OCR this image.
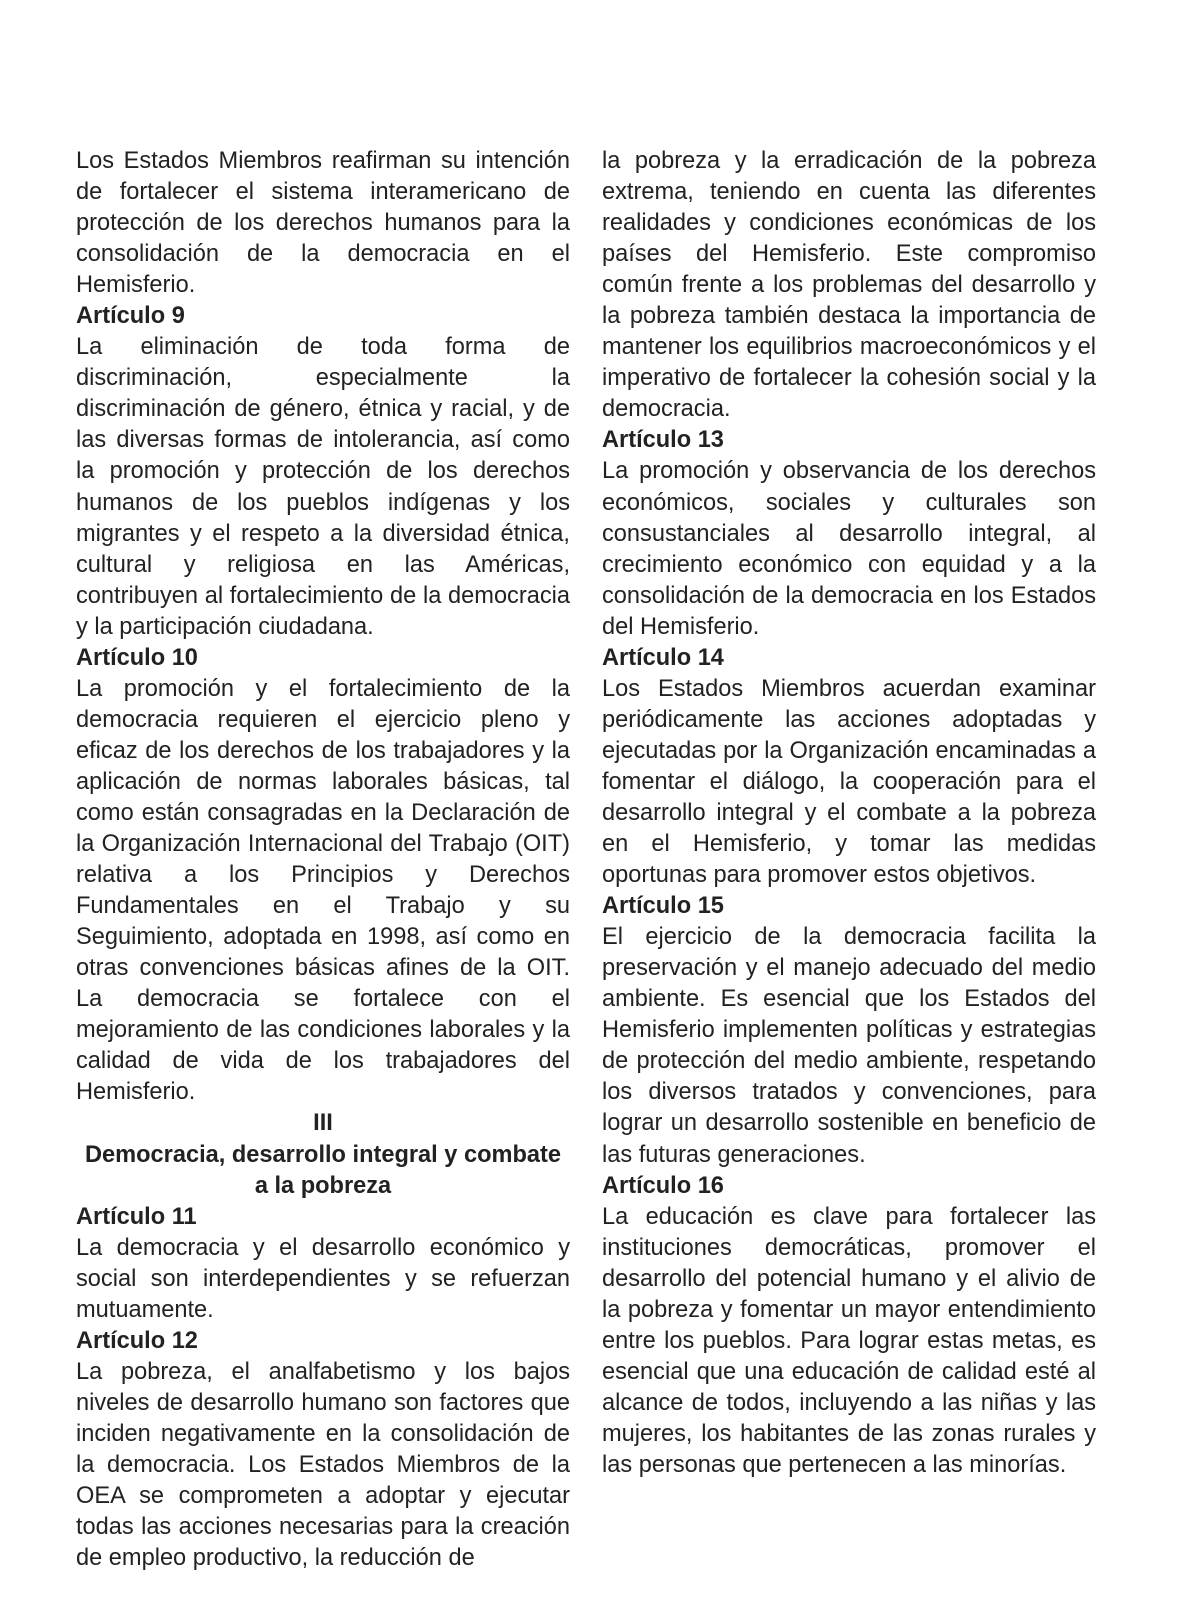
Los Estados Miembros reafirman su intención de fortalecer el sistema interamericano de protección de los derechos humanos para la consolidación de la democracia en el Hemisferio.

Artículo 9

La eliminación de toda forma de discriminación, especialmente la discriminación de género, étnica y racial, y de las diversas formas de intolerancia, así como la promoción y protección de los derechos humanos de los pueblos indígenas y los migrantes y el respeto a la diversidad étnica, cultural y religiosa en las Américas, contribuyen al fortalecimiento de la democracia y la participación ciudadana.

Artículo 10

La promoción y el fortalecimiento de la democracia requieren el ejercicio pleno y eficaz de los derechos de los trabajadores y la aplicación de normas laborales básicas, tal como están consagradas en la Declaración de la Organización Internacional del Trabajo (OIT) relativa a los Principios y Derechos Fundamentales en el Trabajo y su Seguimiento, adoptada en 1998, así como en otras convenciones básicas afines de la OIT. La democracia se fortalece con el mejoramiento de las condiciones laborales y la calidad de vida de los trabajadores del Hemisferio.

III
Democracia, desarrollo integral y combate a la pobreza
Artículo 11

La democracia y el desarrollo económico y social son interdependientes y se refuerzan mutuamente.

Artículo 12

La pobreza, el analfabetismo y los bajos niveles de desarrollo humano son factores que inciden negativamente en la consolidación de la democracia. Los Estados Miembros de la OEA se comprometen a adoptar y ejecutar todas las acciones necesarias para la creación de empleo productivo, la reducción de

la pobreza y la erradicación de la pobreza extrema, teniendo en cuenta las diferentes realidades y condiciones económicas de los países del Hemisferio. Este compromiso común frente a los problemas del desarrollo y la pobreza también destaca la importancia de mantener los equilibrios macroeconómicos y el imperativo de fortalecer la cohesión social y la democracia.

Artículo 13

La promoción y observancia de los derechos económicos, sociales y culturales son consustanciales al desarrollo integral, al crecimiento económico con equidad y a la consolidación de la democracia en los Estados del Hemisferio.

Artículo 14

Los Estados Miembros acuerdan examinar periódicamente las acciones adoptadas y ejecutadas por la Organización encaminadas a fomentar el diálogo, la cooperación para el desarrollo integral y el combate a la pobreza en el Hemisferio, y tomar las medidas oportunas para promover estos objetivos.

Artículo 15

El ejercicio de la democracia facilita la preservación y el manejo adecuado del medio ambiente. Es esencial que los Estados del Hemisferio implementen políticas y estrategias de protección del medio ambiente, respetando los diversos tratados y convenciones, para lograr un desarrollo sostenible en beneficio de las futuras generaciones.

Artículo 16

La educación es clave para fortalecer las instituciones democráticas, promover el desarrollo del potencial humano y el alivio de la pobreza y fomentar un mayor entendimiento entre los pueblos. Para lograr estas metas, es esencial que una educación de calidad esté al alcance de todos, incluyendo a las niñas y las mujeres, los habitantes de las zonas rurales y las personas que pertenecen a las minorías.
